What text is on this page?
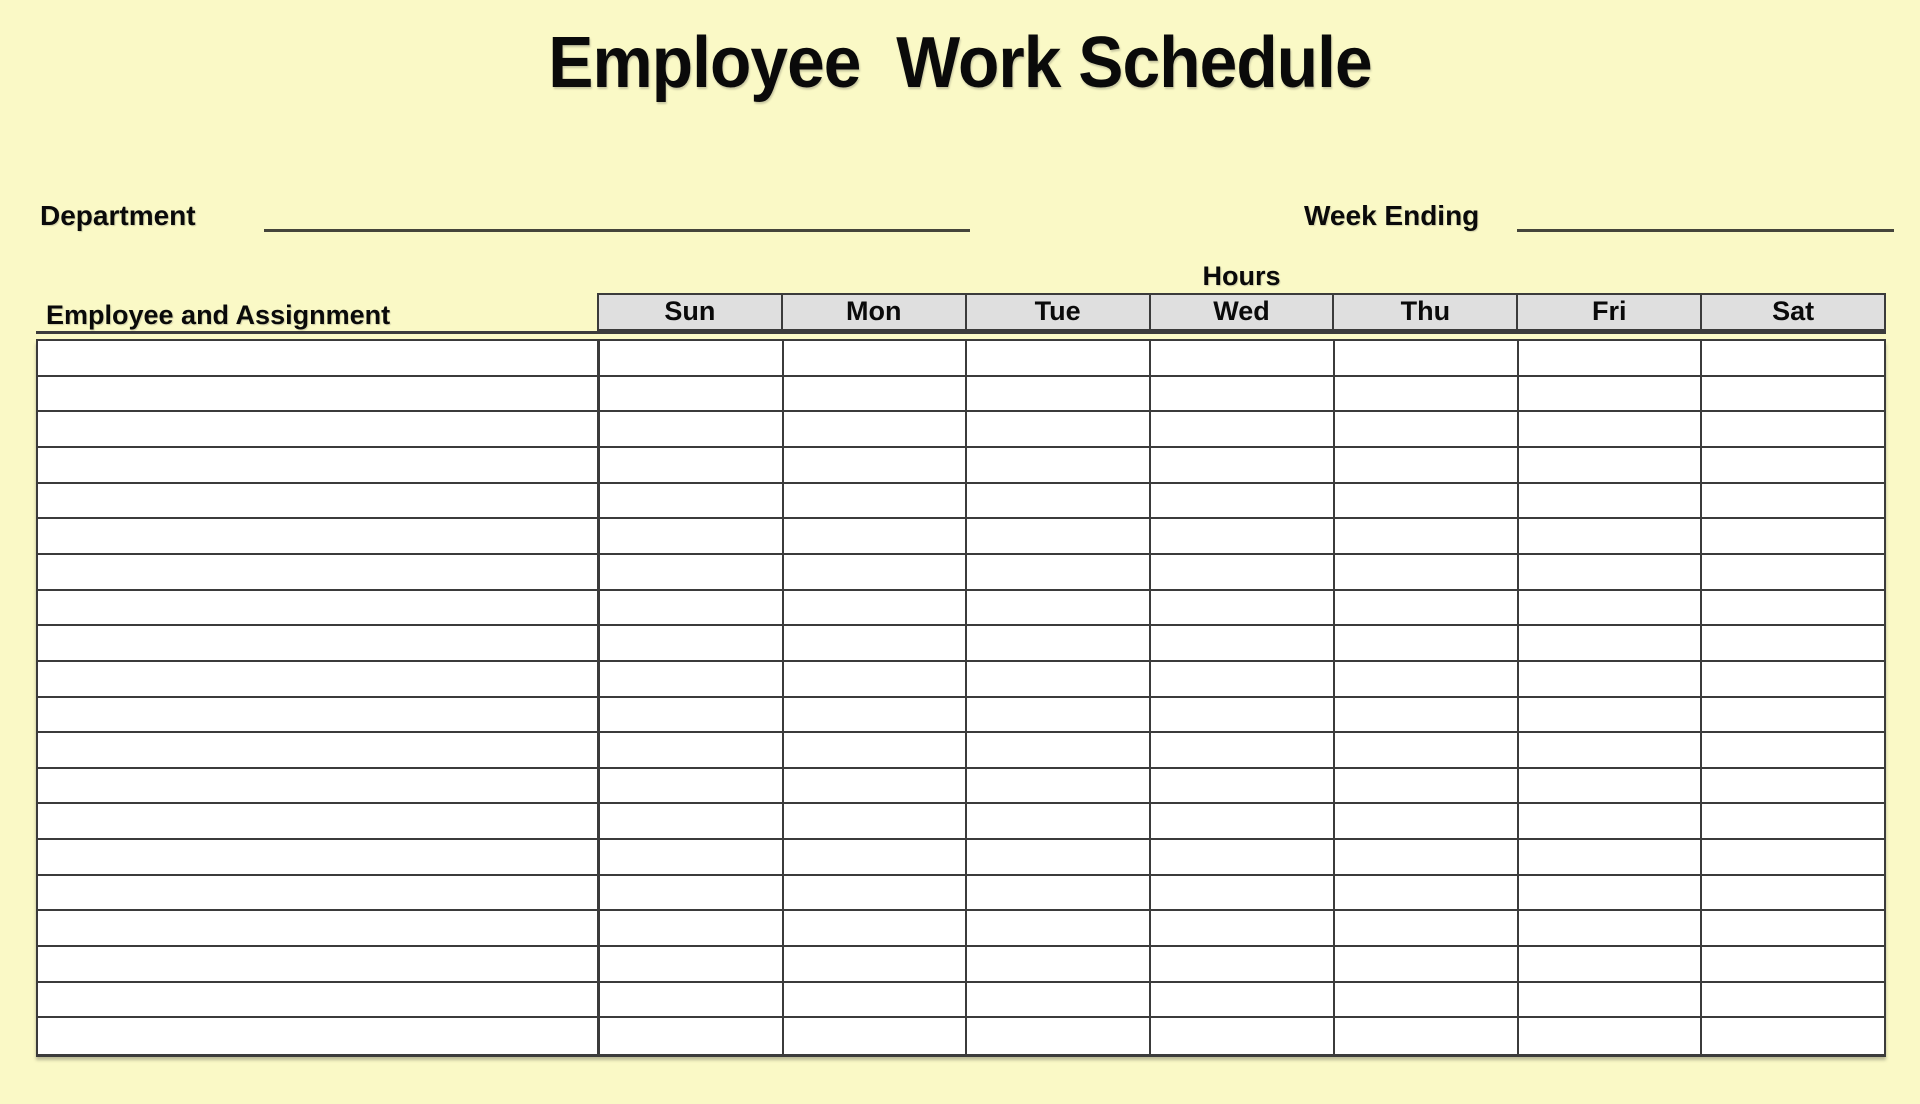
Employee  Work Schedule
Department	Week Ending
Hours
Employee and Assignment	Sun	Mon	Tue	Wed	Thu	Fri	Sat
